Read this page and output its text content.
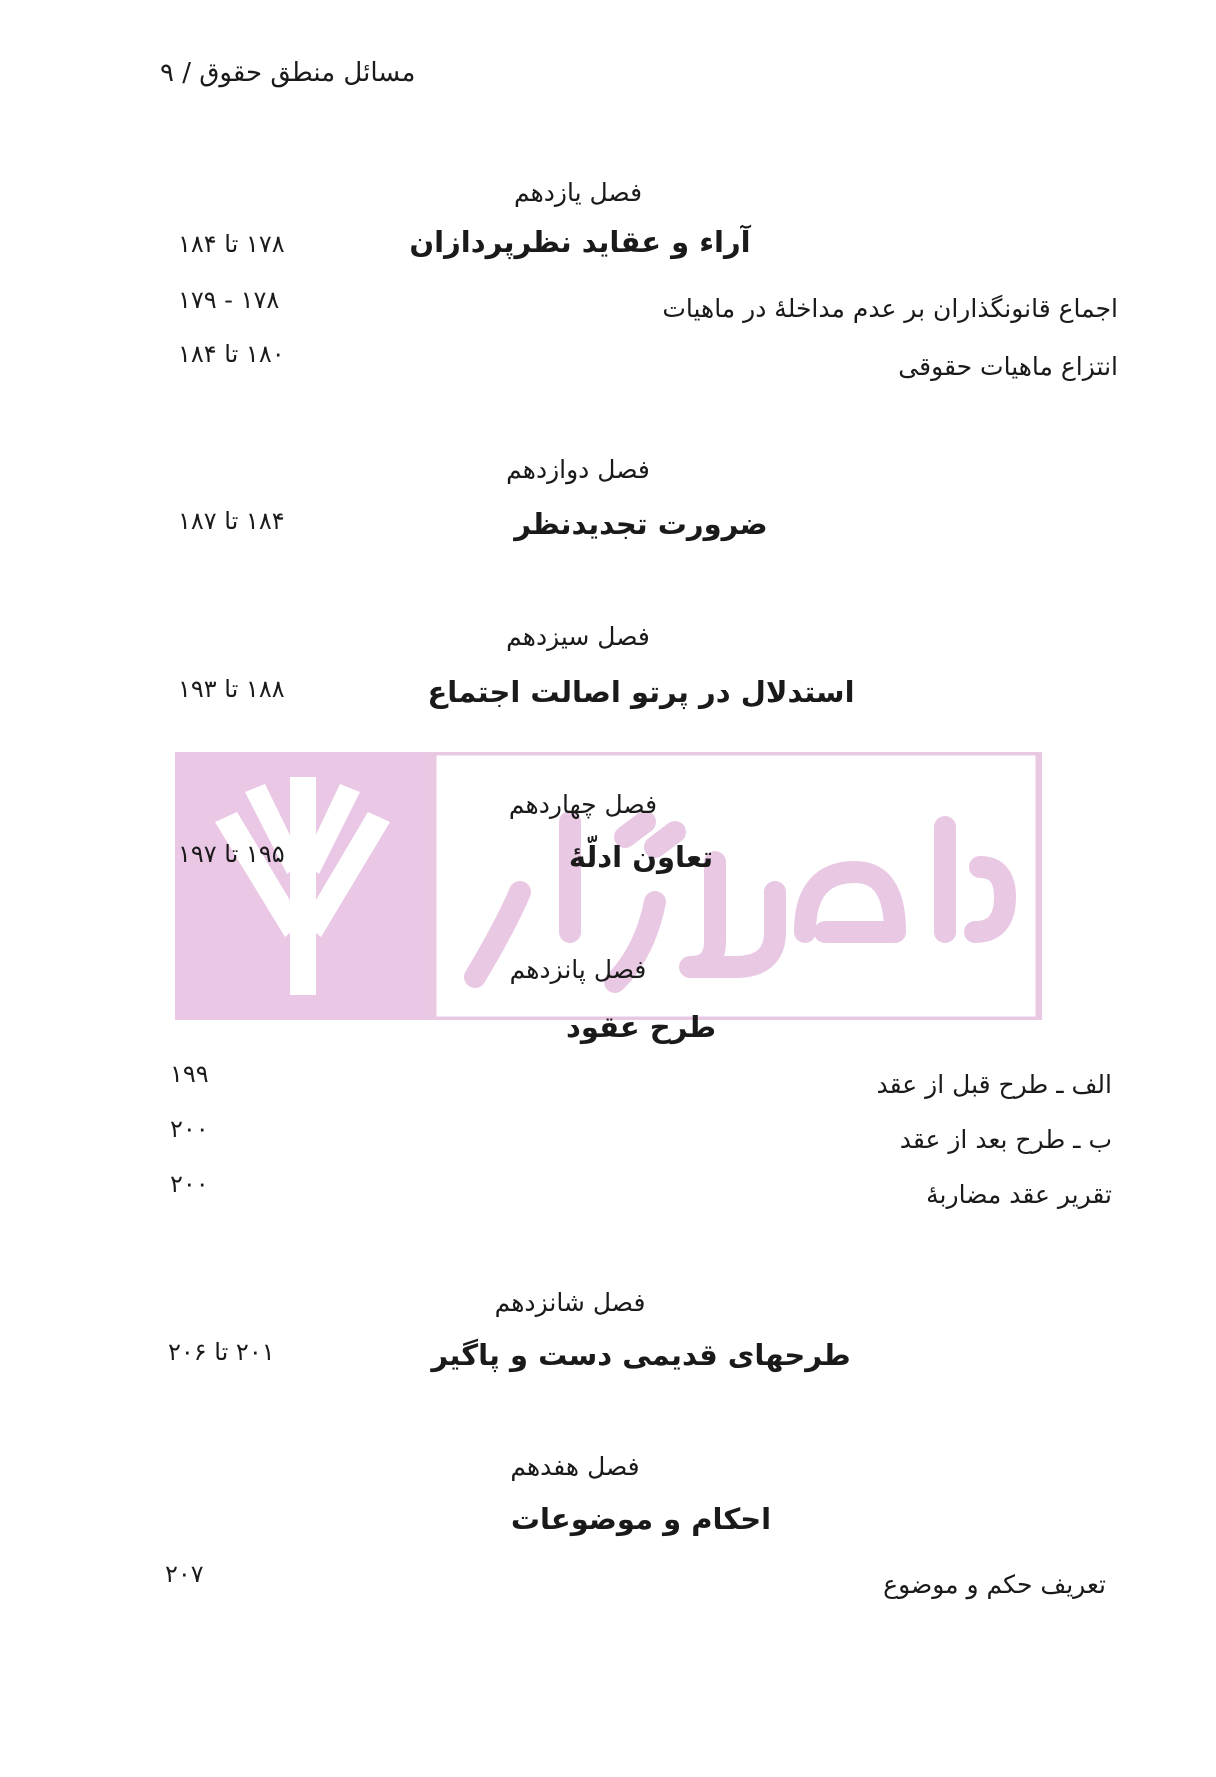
مسائل منطق حقوق / ۹
فصل یازدهم
آراء و عقاید نظرپردازان
۱۷۸ تا ۱۸۴
اجماع قانونگذاران بر عدم مداخلهٔ در ماهیات
۱۷۸ - ۱۷۹
انتزاع ماهیات حقوقی
۱۸۰ تا ۱۸۴
فصل دوازدهم
ضرورت تجدیدنظر
۱۸۴ تا ۱۸۷
فصل سیزدهم
استدلال در پرتو اصالت اجتماع
۱۸۸ تا ۱۹۳
فصل چهاردهم
تعاون ادلّهٔ
۱۹۵ تا ۱۹۷
فصل پانزدهم
طرح عقود
الف ـ طرح قبل از عقد
۱۹۹
ب ـ طرح بعد از عقد
۲۰۰
تقریر عقد مضاربهٔ
۲۰۰
فصل شانزدهم
طرحهای قدیمی دست و پاگیر
۲۰۱ تا ۲۰۶
فصل هفدهم
احکام و موضوعات
تعریف حکم و موضوع
۲۰۷
